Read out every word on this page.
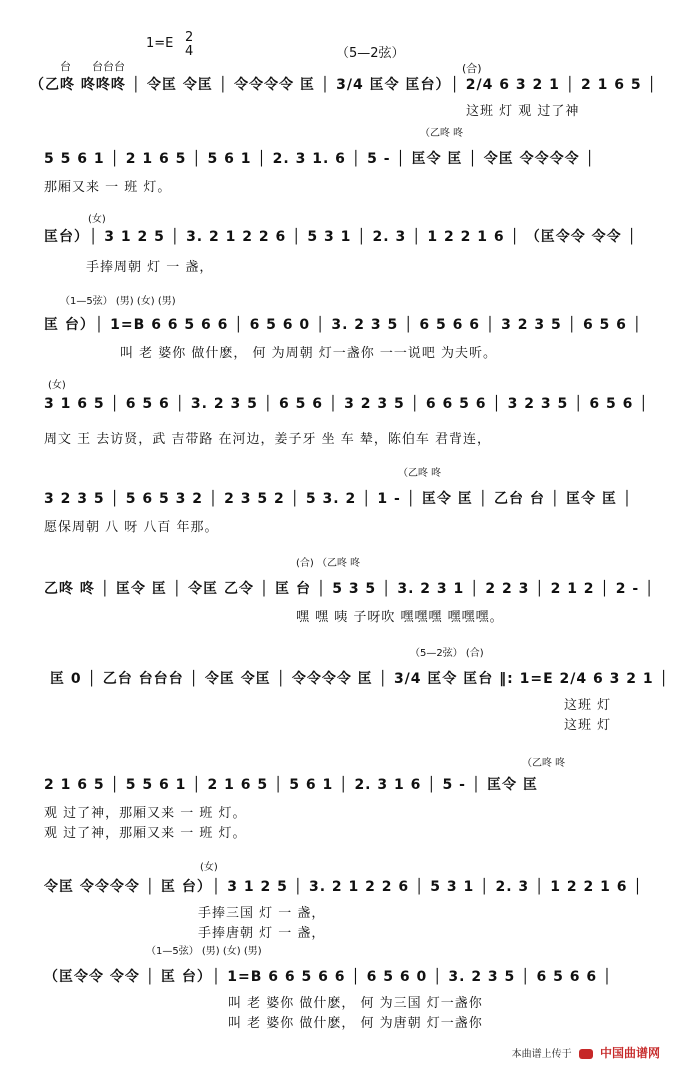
1=E 2
4	（5—2弦）
台 台台台	(合)
（乙咚 咚咚咚 │ 令匡 令匡 │ 令令令令 匡 │ 3/4 匡令 匡台）│ 2/4 6 3 2 1 │ 2 1 6 5 │
这班 灯 观 过了神
（乙咚 咚
5 5 6 1 │ 2 1 6 5 │ 5 6 1 │ 2. 3 1. 6 │ 5 - │ 匡令 匡 │ 令匡 令令令令 │
那厢又来 一 班 灯。
(女)
匡台）│ 3 1 2 5 │ 3. 2 1 2 2 6 │ 5 3 1 │ 2. 3 │ 1 2 2 1 6 │ （匡令令 令令 │
手捧周朝 灯 一 盏，
（1—5弦） (男) (女) (男)
匡 台）│ 1=B 6 6 5 6 6 │ 6 5 6 0 │ 3. 2 3 5 │ 6 5 6 6 │ 3 2 3 5 │ 6 5 6 │
叫 老 婆你 做什麽， 何 为周朝 灯一盏你 一一说吧 为夫听。
(女)
3 1 6 5 │ 6 5 6 │ 3. 2 3 5 │ 6 5 6 │ 3 2 3 5 │ 6 6 5 6 │ 3 2 3 5 │ 6 5 6 │
周文 王 去访贤，武 吉带路 在河边，姜子牙 坐 车 辇，陈伯车 君背连，
（乙咚 咚
3 2 3 5 │ 5 6 5 3 2 │ 2 3 5 2 │ 5 3. 2 │ 1 - │ 匡令 匡 │ 乙台 台 │ 匡令 匡 │
愿保周朝 八 呀 八百 年那。
(合) （乙咚 咚
乙咚 咚 │ 匡令 匡 │ 令匡 乙令 │ 匡 台 │ 5 3 5 │ 3. 2 3 1 │ 2 2 3 │ 2 1 2 │ 2 - │
嘿 嘿 咦 子呀吹 嘿嘿嘿 嘿嘿嘿。
（5—2弦） (合)
匡 0 │ 乙台 台台台 │ 令匡 令匡 │ 令令令令 匡 │ 3/4 匡令 匡台 ‖: 1=E 2/4 6 3 2 1 │
这班 灯
这班 灯
（乙咚 咚
2 1 6 5 │ 5 5 6 1 │ 2 1 6 5 │ 5 6 1 │ 2. 3 1 6 │ 5 - │ 匡令 匡
观 过了神，那厢又来 一 班 灯。
观 过了神，那厢又来 一 班 灯。
(女)
令匡 令令令令 │ 匡 台）│ 3 1 2 5 │ 3. 2 1 2 2 6 │ 5 3 1 │ 2. 3 │ 1 2 2 1 6 │
手捧三国 灯 一 盏，
手捧唐朝 灯 一 盏，
（1—5弦） (男) (女) (男)
（匡令令 令令 │ 匡 台）│ 1=B 6 6 5 6 6 │ 6 5 6 0 │ 3. 2 3 5 │ 6 5 6 6 │
叫 老 婆你 做什麽， 何 为三国 灯一盏你
叫 老 婆你 做什麽， 何 为唐朝 灯一盏你
本曲谱上传于 中国曲谱网
